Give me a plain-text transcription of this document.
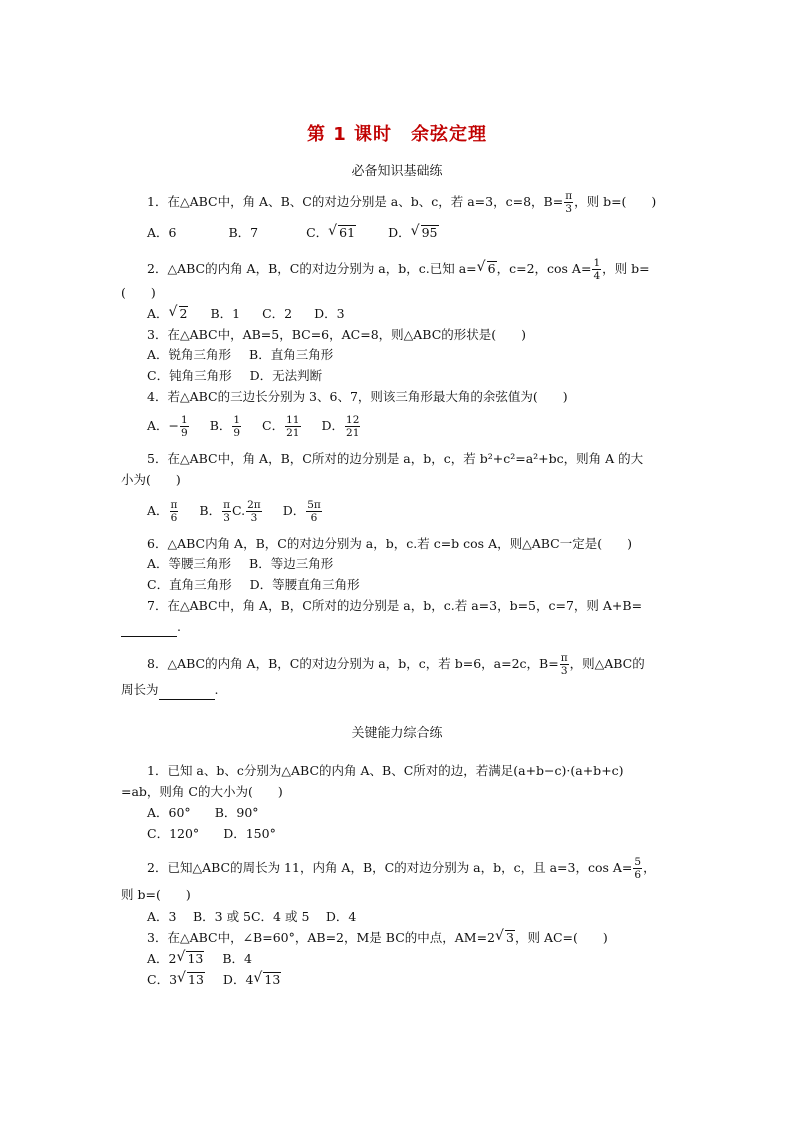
第 1 课时　余弦定理
必备知识基础练
1．在△ABC中，角 A、B、C的对边分别是 a、b、c，若 a=3，c=8，$B= \frac{\pi}{3}$ ，则 b=(　　)
A．6	B．7	C． √ 61	D． √ 95
2．△ABC的内角 A，B，C的对边分别为 a，b，c.已知 a= √ 6，c=2，$\cos A= \frac{1}{4}$ ，则 b=
(　　)
A． √ 2 B．1 C．2 D．3
3．在△ABC中，AB=5，BC=6，AC=8，则△ABC的形状是(　　)
A．锐角三角形 B．直角三角形
C．钝角三角形 D．无法判断
4．若△ABC的三边长分别为 3、6、7，则该三角形最大角的余弦值为(　　)
A．− $\frac{1}{9}$ B． $\frac{1}{9}$ C． $\frac{11}{21}$ D． $\frac{12}{21}$
5．在△ABC中，角 A，B，C所对的边分别是 a，b，c，若 b²+c²=a²+bc，则角 A 的大
小为(　　)
A． $\frac{\pi}{6}$ B． $\frac{\pi}{3} C$. $\frac{2\pi}{3}$ D． $\frac{5\pi}{6}$
6．△ABC内角 A，B，C的对边分别为 a，b，c.若 c=b cos A，则△ABC一定是(　　)
A．等腰三角形 B．等边三角形
C．直角三角形 D．等腰直角三角形
7．在△ABC中，角 A，B，C所对的边分别是 a，b，c.若 a=3，b=5，c=7，则 A+B=
.
8．△ABC的内角 A，B，C的对边分别为 a，b，c，若 b=6，a=2c，$B= \frac{\pi}{3}$ ，则△ABC的
周长为	.
关键能力综合练
1．已知 a、b、c分别为△ABC的内角 A、B、C所对的边，若满足(a+b−c)·(a+b+c)
=ab，则角 C的大小为(　　)
A．60° B．90°
C．120° D．150°
2．已知△ABC的周长为 11，内角 A，B，C的对边分别为 a，b，c，且 a=3，$\cos A= \frac{5}{6}$ ，
则 b=(　　)
A．3　 B．3 或 5C．4 或 5　 D．4
3．在△ABC中，∠B=60°，AB=2，M是 BC的中点，AM=2 √ 3，则 AC=(　　)
A．2 √ 13 B．4
C．3 √ 13 D．4 √ 13
